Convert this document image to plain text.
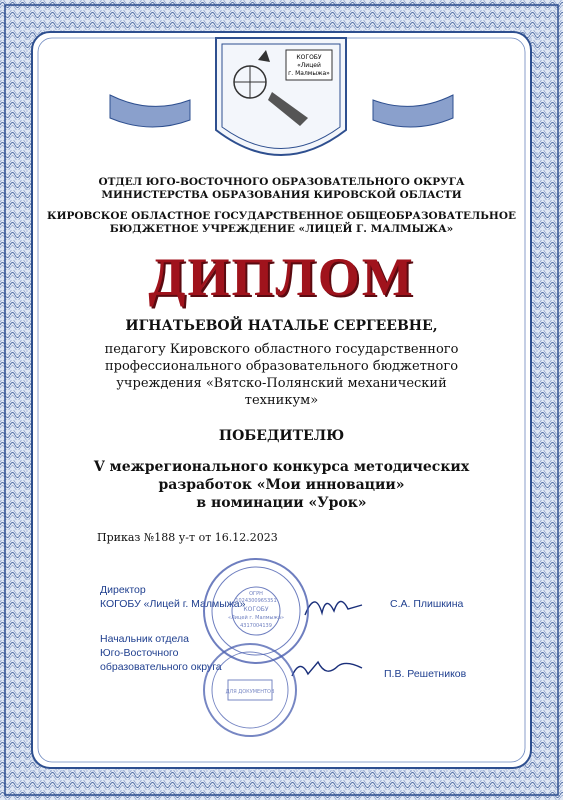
КОГОБУ
«Лицей
г. Малмыжа»
ОТДЕЛ ЮГО-ВОСТОЧНОГО ОБРАЗОВАТЕЛЬНОГО ОКРУГА
МИНИСТЕРСТВА ОБРАЗОВАНИЯ КИРОВСКОЙ ОБЛАСТИ
КИРОВСКОЕ ОБЛАСТНОЕ ГОСУДАРСТВЕННОЕ ОБЩЕОБРАЗОВАТЕЛЬНОЕ
БЮДЖЕТНОЕ УЧРЕЖДЕНИЕ «ЛИЦЕЙ Г. МАЛМЫЖА»
ДИПЛОМ
ИГНАТЬЕВОЙ НАТАЛЬЕ СЕРГЕЕВНЕ,
педагогу Кировского областного государственного профессионального образовательного бюджетного учреждения «Вятско-Полянский механический техникум»
ПОБЕДИТЕЛЮ
V межрегионального конкурса методических
разработок «Мои инновации»
в номинации «Урок»
Приказ №188 у-т от 16.12.2023
Директор
КОГОБУ «Лицей г. Малмыжа»	С.А. Плишкина
Начальник отдела
Юго-Восточного
образовательного округа
П.В. Решетников
ОГРН
1024300965351
КОГОБУ
«Лицей г. Малмыжа»
4317004139
ДЛЯ ДОКУМЕНТОВ
